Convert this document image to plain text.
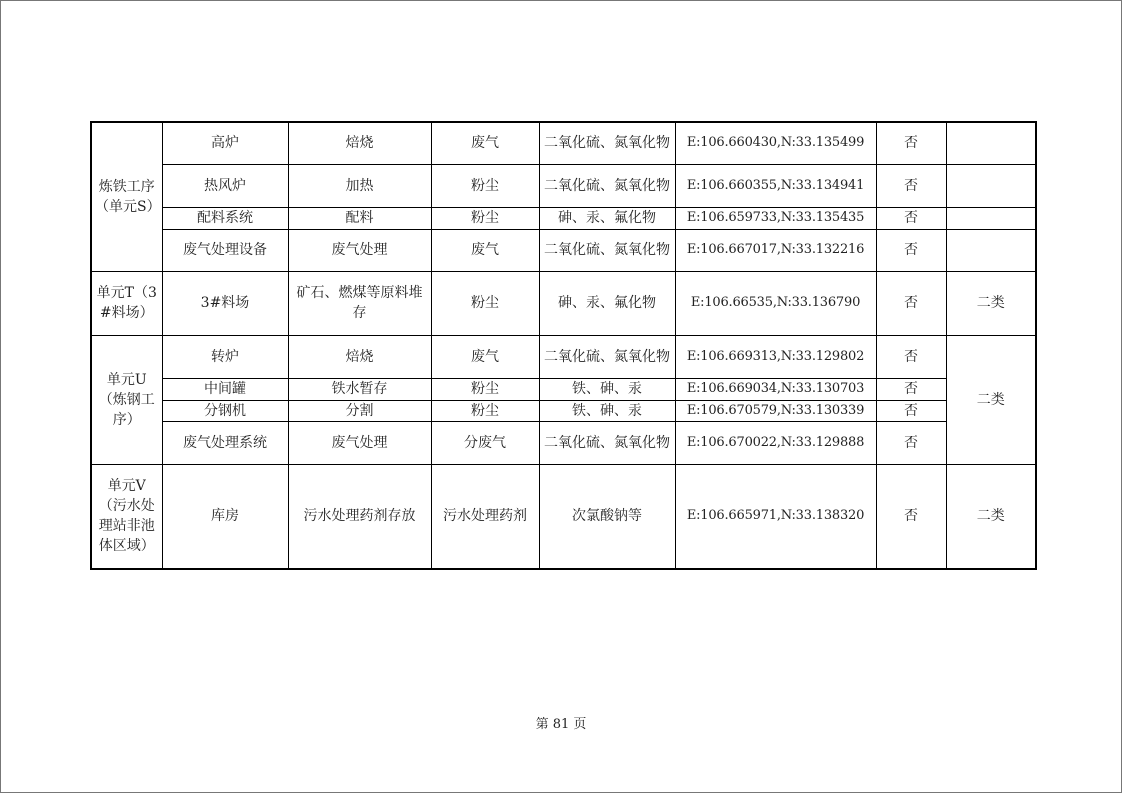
炼铁工序（单元S）	高炉	焙烧	废气	二氧化硫、氮氧化物	E:106.660430,N:33.135499	否	
	热风炉	加热	粉尘	二氧化硫、氮氧化物	E:106.660355,N:33.134941	否	
	配料系统	配料	粉尘	砷、汞、氟化物	E:106.659733,N:33.135435	否	
	废气处理设备	废气处理	废气	二氧化硫、氮氧化物	E:106.667017,N:33.132216	否	
单元T（3#料场）	3#料场	矿石、燃煤等原料堆存	粉尘	砷、汞、氟化物	E:106.66535,N:33.136790	否	二类
单元U（炼钢工序）	转炉	焙烧	废气	二氧化硫、氮氧化物	E:106.669313,N:33.129802	否	二类
	中间罐	铁水暂存	粉尘	铁、砷、汞	E:106.669034,N:33.130703	否	
	分钢机	分割	粉尘	铁、砷、汞	E:106.670579,N:33.130339	否	
	废气处理系统	废气处理	分废气	二氧化硫、氮氧化物	E:106.670022,N:33.129888	否	
单元V（污水处理站非池体区域）	库房	污水处理药剂存放	污水处理药剂	次氯酸钠等	E:106.665971,N:33.138320	否	二类
第 81 页
